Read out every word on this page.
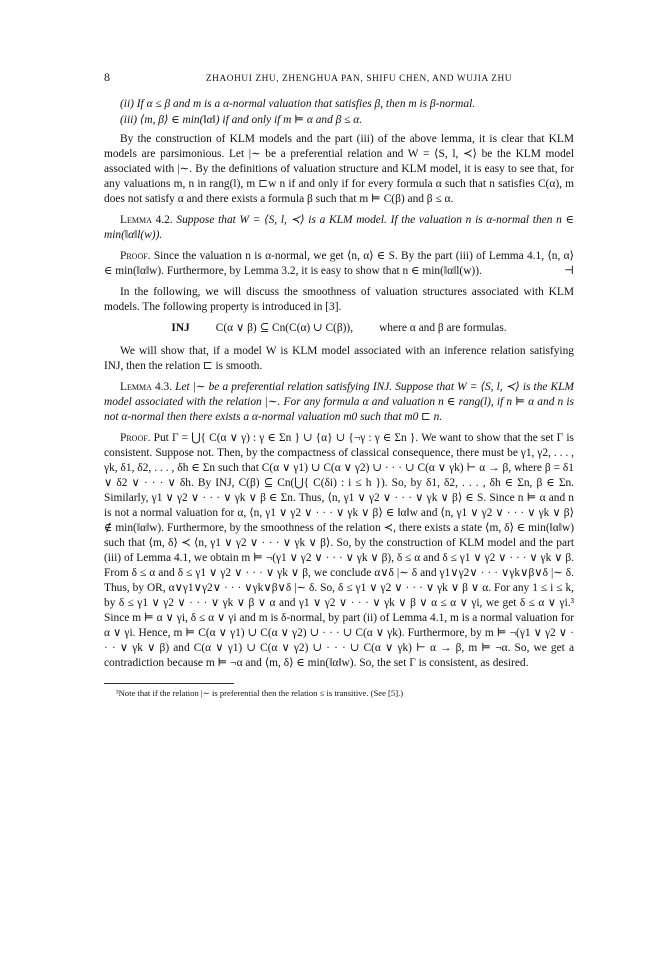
8	ZHAOHUI ZHU, ZHENGHUA PAN, SHIFU CHEN, AND WUJIA ZHU
(ii) If α ≤ β and m is a α-normal valuation that satisfies β, then m is β-normal.
(iii) ⟨m, β⟩ ∈ min(‖α‖) if and only if m ⊨ α and β ≤ α.

By the construction of KLM models and the part (iii) of the above lemma, it is clear that KLM models are parsimonious. Let |∼ be a preferential relation and W = ⟨S, l, ≺⟩ be the KLM model associated with |∼. By the definitions of valuation structure and KLM model, it is easy to see that, for any valuations m, n in rang(l), m ⊏w n if and only if for every formula α such that n satisfies C(α), m does not satisfy α and there exists a formula β such that m ⊨ C(β) and β ≤ α.

Lemma 4.2. Suppose that W = ⟨S, l, ≺⟩ is a KLM model. If the valuation n is α-normal then n ∈ min(‖α‖l(w)).

Proof. Since the valuation n is α-normal, we get ⟨n, α⟩ ∈ S. By the part (iii) of Lemma 4.1, ⟨n, α⟩ ∈ min(‖α‖w). Furthermore, by Lemma 3.2, it is easy to show that n ∈ min(‖α‖l(w)).	⊣

In the following, we will discuss the smoothness of valuation structures associated with KLM models. The following property is introduced in [3].

INJ C(α ∨ β) ⊆ Cn(C(α) ∪ C(β)), where α and β are formulas.

We will show that, if a model W is KLM model associated with an inference relation satisfying INJ, then the relation ⊏ is smooth.

Lemma 4.3. Let |∼ be a preferential relation satisfying INJ. Suppose that W = ⟨S, l, ≺⟩ is the KLM model associated with the relation |∼. For any formula α and valuation n ∈ rang(l), if n ⊨ α and n is not α-normal then there exists a α-normal valuation m0 such that m0 ⊏ n.

Proof. Put Γ = ⋃{ C(α ∨ γ) : γ ∈ Σn } ∪ {α} ∪ {¬γ : γ ∈ Σn }. We want to show that the set Γ is consistent. Suppose not. Then, by the compactness of classical consequence, there must be γ1, γ2, . . . , γk, δ1, δ2, . . . , δh ∈ Σn such that C(α ∨ γ1) ∪ C(α ∨ γ2) ∪ · · · ∪ C(α ∨ γk) ⊢ α → β, where β = δ1 ∨ δ2 ∨ · · · ∨ δh. By INJ, C(β) ⊆ Cn(⋃{ C(δi) : i ≤ h }). So, by δ1, δ2, . . . , δh ∈ Σn, β ∈ Σn. Similarly, γ1 ∨ γ2 ∨ · · · ∨ γk ∨ β ∈ Σn. Thus, ⟨n, γ1 ∨ γ2 ∨ · · · ∨ γk ∨ β⟩ ∈ S. Since n ⊨ α and n is not a normal valuation for α, ⟨n, γ1 ∨ γ2 ∨ · · · ∨ γk ∨ β⟩ ∈ ‖α‖w and ⟨n, γ1 ∨ γ2 ∨ · · · ∨ γk ∨ β⟩ ∉ min(‖α‖w). Furthermore, by the smoothness of the relation ≺, there exists a state ⟨m, δ⟩ ∈ min(‖α‖w) such that ⟨m, δ⟩ ≺ ⟨n, γ1 ∨ γ2 ∨ · · · ∨ γk ∨ β⟩. So, by the construction of KLM model and the part (iii) of Lemma 4.1, we obtain m ⊨ ¬(γ1 ∨ γ2 ∨ · · · ∨ γk ∨ β), δ ≤ α and δ ≤ γ1 ∨ γ2 ∨ · · · ∨ γk ∨ β. From δ ≤ α and δ ≤ γ1 ∨ γ2 ∨ · · · ∨ γk ∨ β, we conclude α∨δ |∼ δ and γ1∨γ2∨ · · · ∨γk∨β∨δ |∼ δ. Thus, by OR, α∨γ1∨γ2∨ · · · ∨γk∨β∨δ |∼ δ. So, δ ≤ γ1 ∨ γ2 ∨ · · · ∨ γk ∨ β ∨ α. For any 1 ≤ i ≤ k, by δ ≤ γ1 ∨ γ2 ∨ · · · ∨ γk ∨ β ∨ α and γ1 ∨ γ2 ∨ · · · ∨ γk ∨ β ∨ α ≤ α ∨ γi, we get δ ≤ α ∨ γi.³ Since m ⊨ α ∨ γi, δ ≤ α ∨ γi and m is δ-normal, by part (ii) of Lemma 4.1, m is a normal valuation for α ∨ γi. Hence, m ⊨ C(α ∨ γ1) ∪ C(α ∨ γ2) ∪ · · · ∪ C(α ∨ γk). Furthermore, by m ⊨ ¬(γ1 ∨ γ2 ∨ · · · ∨ γk ∨ β) and C(α ∨ γ1) ∪ C(α ∨ γ2) ∪ · · · ∪ C(α ∨ γk) ⊢ α → β, m ⊨ ¬α. So, we get a contradiction because m ⊨ ¬α and ⟨m, δ⟩ ∈ min(‖α‖w). So, the set Γ is consistent, as desired.

³Note that if the relation |∼ is preferential then the relation ≤ is transitive. (See [5].)
